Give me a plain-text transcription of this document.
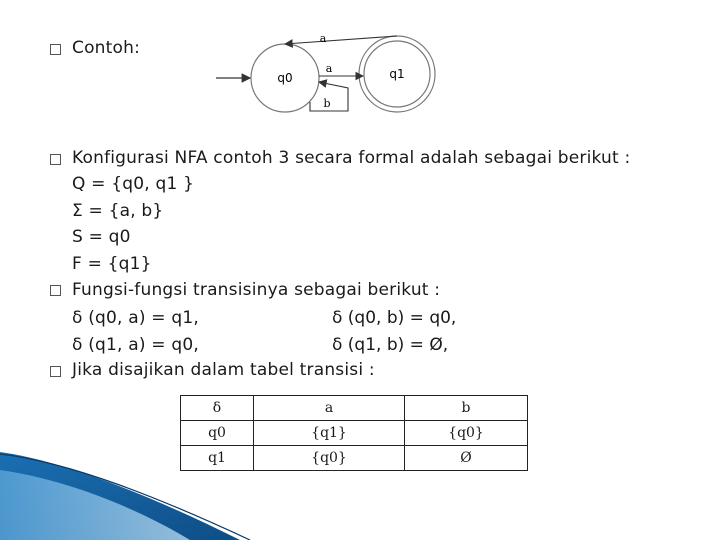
Contoh:
q0	q1
a
a
b
Konfigurasi NFA contoh 3 secara formal adalah sebagai berikut :
Q = {q0, q1 }
Σ = {a, b}
S = q0
F = {q1}
Fungsi-fungsi transisinya sebagai berikut :
δ (q0, a) = q1,	δ (q0, b) = q0,
δ (q1, a) = q0,	δ (q1, b) = Ø,
Jika disajikan dalam tabel transisi :
δ	a	b
q0	{q1}	{q0}
q1	{q0}	Ø
